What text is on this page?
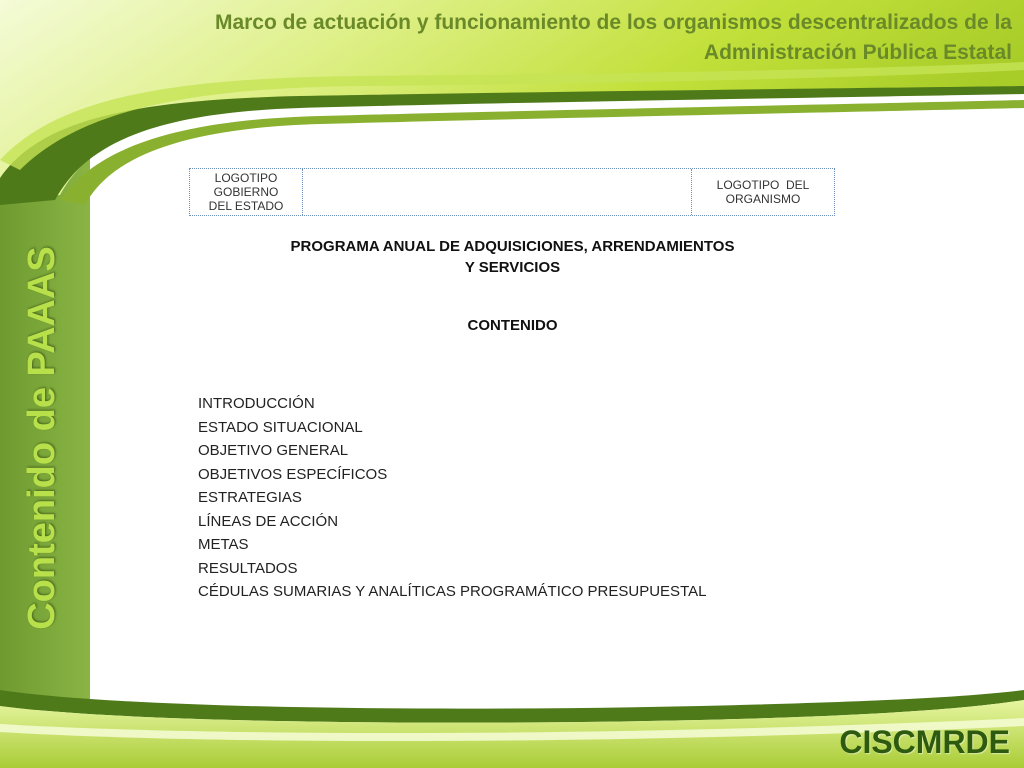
Marco de actuación y funcionamiento de los organismos descentralizados de la
Administración Pública Estatal
Contenido de PAAAS
LOGOTIPO
GOBIERNO
DEL ESTADO
LOGOTIPO  DEL
ORGANISMO
PROGRAMA ANUAL DE ADQUISICIONES, ARRENDAMIENTOS
Y SERVICIOS
CONTENIDO
INTRODUCCIÓN
ESTADO SITUACIONAL
OBJETIVO GENERAL
OBJETIVOS ESPECÍFICOS
ESTRATEGIAS
LÍNEAS DE ACCIÓN
METAS
RESULTADOS
CÉDULAS SUMARIAS Y ANALÍTICAS PROGRAMÁTICO PRESUPUESTAL
CISCMRDE
